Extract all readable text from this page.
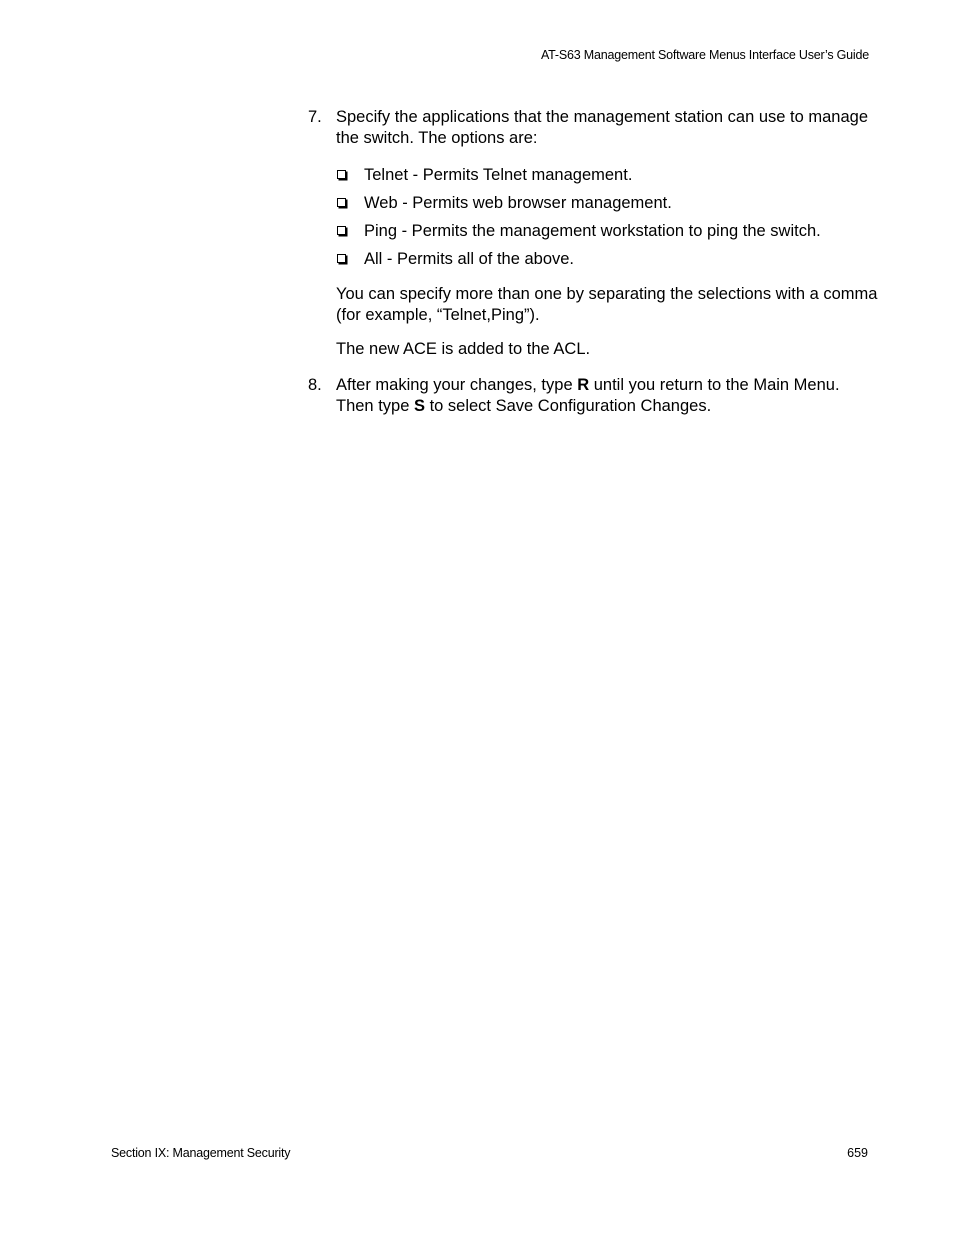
AT-S63 Management Software Menus Interface User’s Guide
7. Specify the applications that the management station can use to manage the switch. The options are:
Telnet - Permits Telnet management.
Web - Permits web browser management.
Ping - Permits the management workstation to ping the switch.
All - Permits all of the above.
You can specify more than one by separating the selections with a comma (for example, “Telnet,Ping”).
The new ACE is added to the ACL.
8. After making your changes, type R until you return to the Main Menu. Then type S to select Save Configuration Changes.
Section IX: Management Security	659
